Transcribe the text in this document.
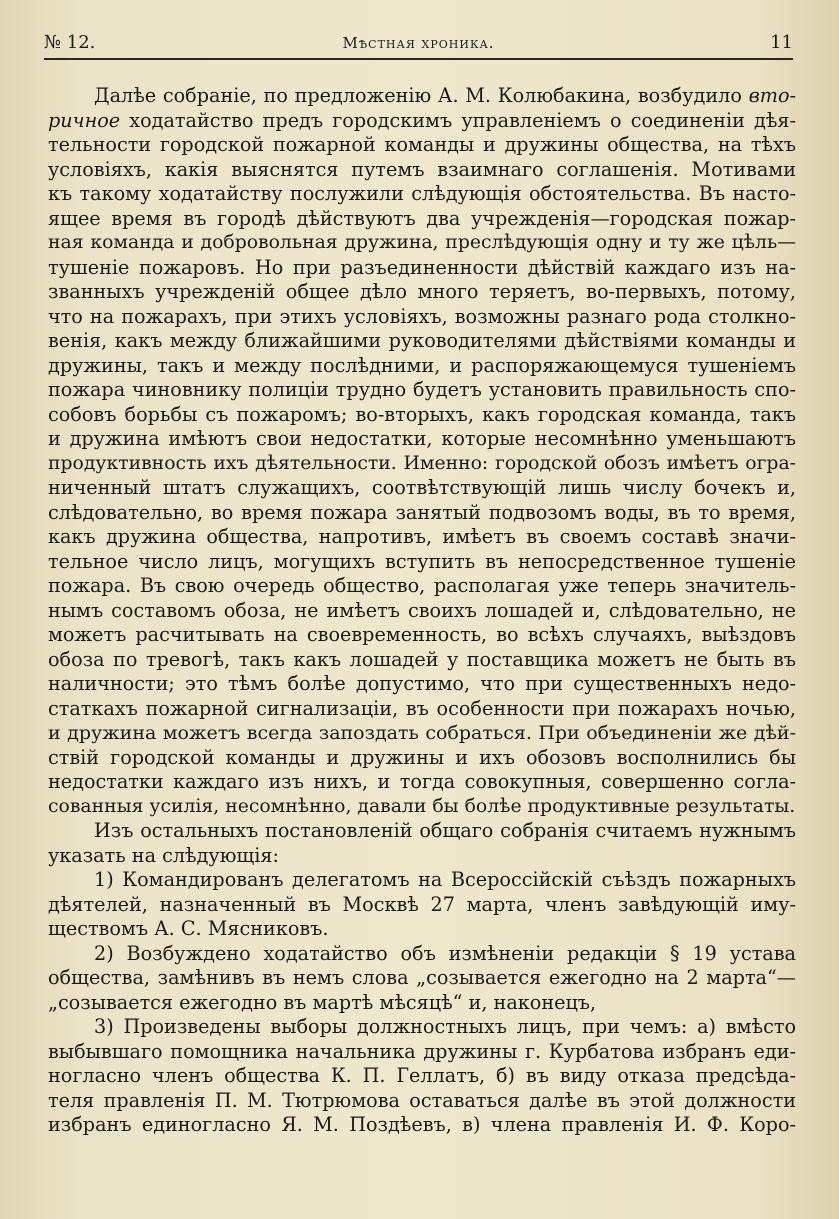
№ 12.	Мѣстная хроника.	11
Далѣе собраніе, по предложенію А. М. Колюбакина, возбудило вто-
ричное ходатайство предъ городскимъ управленіемъ о соединеніи дѣя-
тельности городской пожарной команды и дружины общества, на тѣхъ
условіяхъ, какія выяснятся путемъ взаимнаго соглашенія. Мотивами
къ такому ходатайству послужили слѣдующія обстоятельства. Въ насто-
ящее время въ городѣ дѣйствуютъ два учрежденія—городская пожар-
ная команда и добровольная дружина, преслѣдующія одну и ту же цѣль—
тушеніе пожаровъ. Но при разъединенности дѣйствій каждаго изъ на-
званныхъ учрежденій общее дѣло много теряетъ, во-первыхъ, потому,
что на пожарахъ, при этихъ условіяхъ, возможны разнаго рода столкно-
венія, какъ между ближайшими руководителями дѣйствіями команды и
дружины, такъ и между послѣдними, и распоряжающемуся тушеніемъ
пожара чиновнику полиціи трудно будетъ установить правильность спо-
собовъ борьбы съ пожаромъ; во-вторыхъ, какъ городская команда, такъ
и дружина имѣютъ свои недостатки, которые несомнѣнно уменьшаютъ
продуктивность ихъ дѣятельности. Именно: городской обозъ имѣетъ огра-
ниченный штатъ служащихъ, соотвѣтствующій лишь числу бочекъ и,
слѣдовательно, во время пожара занятый подвозомъ воды, въ то время,
какъ дружина общества, напротивъ, имѣетъ въ своемъ составѣ значи-
тельное число лицъ, могущихъ вступить въ непосредственное тушеніе
пожара. Въ свою очередь общество, располагая уже теперь значитель-
нымъ составомъ обоза, не имѣетъ своихъ лошадей и, слѣдовательно, не
можетъ расчитывать на своевременность, во всѣхъ случаяхъ, выѣздовъ
обоза по тревогѣ, такъ какъ лошадей у поставщика можетъ не быть въ
наличности; это тѣмъ болѣе допустимо, что при существенныхъ недо-
статкахъ пожарной сигнализаціи, въ особенности при пожарахъ ночью,
и дружина можетъ всегда запоздать собраться. При объединеніи же дѣй-
ствій городской команды и дружины и ихъ обозовъ восполнились бы
недостатки каждаго изъ нихъ, и тогда совокупныя, совершенно согла-
сованныя усилія, несомнѣнно, давали бы болѣе продуктивные результаты.
Изъ остальныхъ постановленій общаго собранія считаемъ нужнымъ
указать на слѣдующія:
1) Командированъ делегатомъ на Всероссійскій съѣздъ пожарныхъ
дѣятелей, назначенный въ Москвѣ 27 марта, членъ завѣдующій иму-
ществомъ А. С. Мясниковъ.
2) Возбуждено ходатайство объ измѣненіи редакціи § 19 устава
общества, замѣнивъ въ немъ слова „созывается ежегодно на 2 марта“—
„созывается ежегодно въ мартѣ мѣсяцѣ“ и, наконецъ,
3) Произведены выборы должностныхъ лицъ, при чемъ: а) вмѣсто
выбывшаго помощника начальника дружины г. Курбатова избранъ еди-
ногласно членъ общества К. П. Геллатъ, б) въ виду отказа предсѣда-
теля правленія П. М. Тютрюмова оставаться далѣе въ этой должности
избранъ единогласно Я. М. Поздѣевъ, в) члена правленія И. Ф. Коро-
